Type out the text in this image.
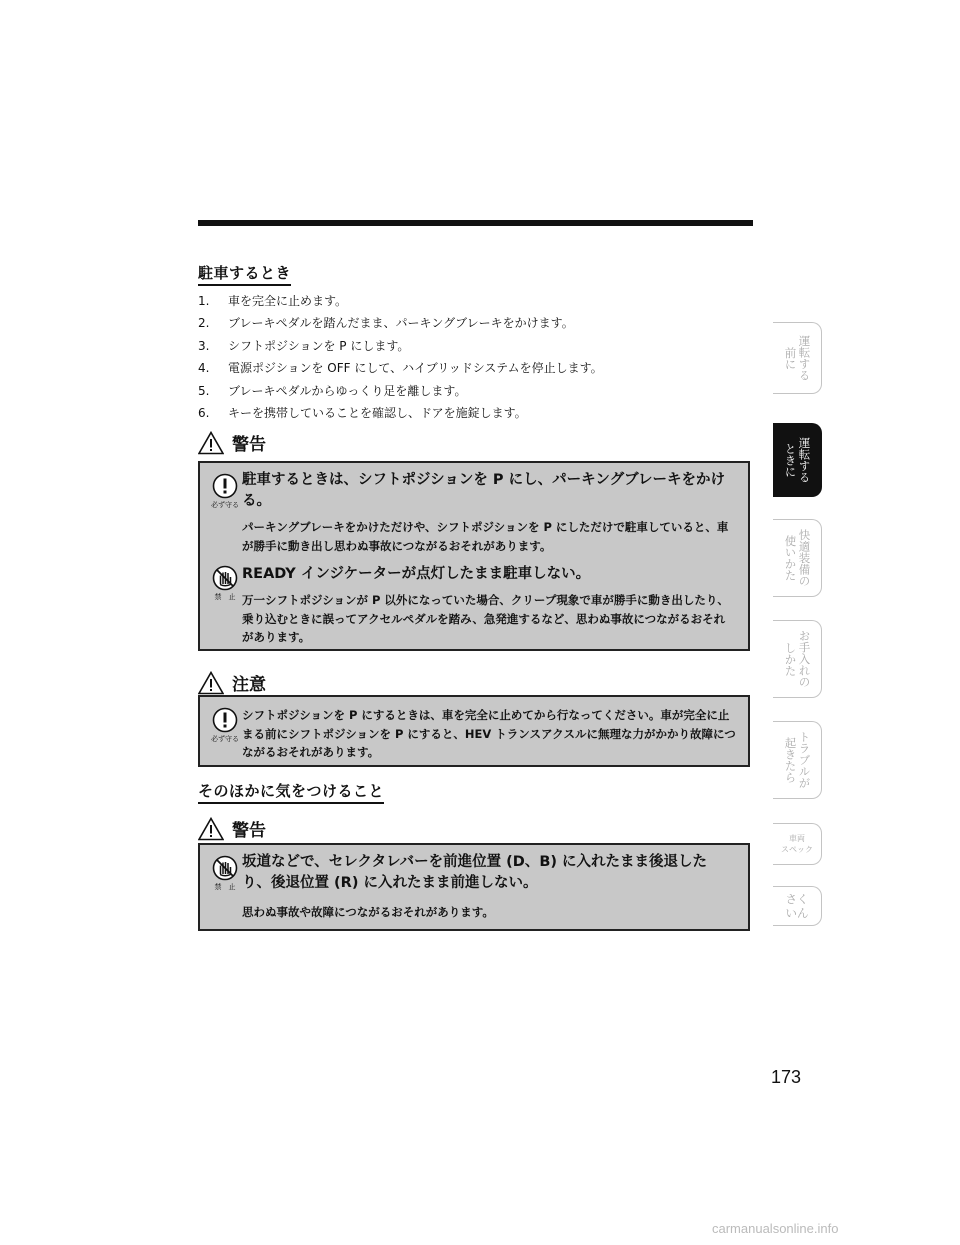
駐車するとき
1.	車を完全に止めます。
2.	ブレーキペダルを踏んだまま、パーキングブレーキをかけます。
3.	シフトポジションを P にします。
4.	電源ポジションを OFF にして、ハイブリッドシステムを停止します。
5.	ブレーキペダルからゆっくり足を離します。
6.	キーを携帯していることを確認し、ドアを施錠します。
警告
必ず守る
駐車するときは、シフトポジションを P にし、パーキングブレーキをかける。
パーキングブレーキをかけただけや、シフトポジションを P にしただけで駐車していると、車が勝手に動き出し思わぬ事故につながるおそれがあります。
禁　止
READY インジケーターが点灯したまま駐車しない。
万一シフトポジションが P 以外になっていた場合、クリープ現象で車が勝手に動き出したり、乗り込むときに誤ってアクセルペダルを踏み、急発進するなど、思わぬ事故につながるおそれがあります。
注意
必ず守る
シフトポジションを P にするときは、車を完全に止めてから行なってください。車が完全に止まる前にシフトポジションを P にすると、HEV トランスアクスルに無理な力がかかり故障につながるおそれがあります。
そのほかに気をつけること
警告
禁　止
坂道などで、セレクタレバーを前進位置 (D、B) に入れたまま後退したり、後退位置 (R) に入れたまま前進しない。
思わぬ事故や故障につながるおそれがあります。
運転する
前に
運転する
ときに
快適装備の
使いかた
お手入れの
しかた
トラブルが
起きたら
車両
スペック
さく
いん
173
carmanualsonline.info
